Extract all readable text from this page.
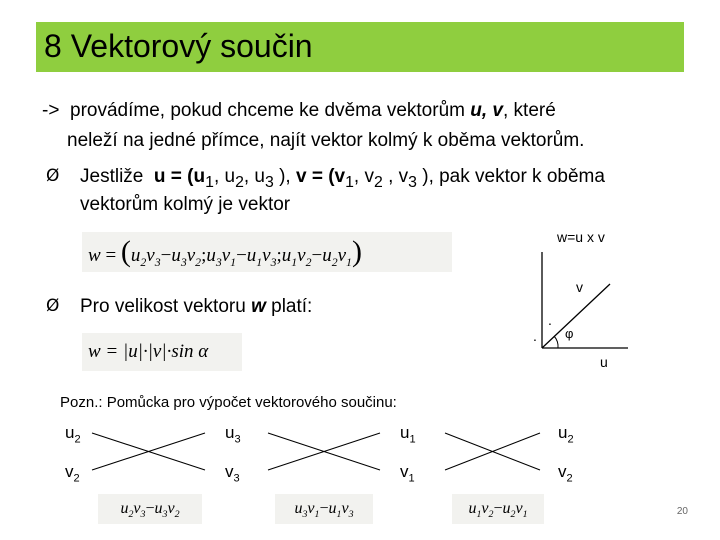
8 Vektorový součin
-> provádíme, pokud chceme ke dvěma vektorům u, v, které
neleží na jedné přímce, najít vektor kolmý k oběma vektorům.
Ø Jestliže $u = (u_1$, $u_2$, $u_3$ ), $v = (v_1$, $v_2$ , $v_3$ ), pak vektor k oběma
vektorům kolmý je vektor
$w = (u_2v_3-u_3v_2;u_3v_1-u_1v_3;u_1v_2-u_2v_1)$
Ø Pro velikost vektoru w platí:
w = |u|·|v|·sin α
w=u x v
v
u
φ
.
.
Pozn.: Pomůcka pro výpočet vektorového součinu:
$u_2$	$u_3$	$u_1$	$u_2$
$v_2$	$v_3$	$v_1$	$v_2$
$u_2v_3-u_3v_2$	$u_3v_1-u_1v_3$	$u_1v_2-u_2v_1$	20
